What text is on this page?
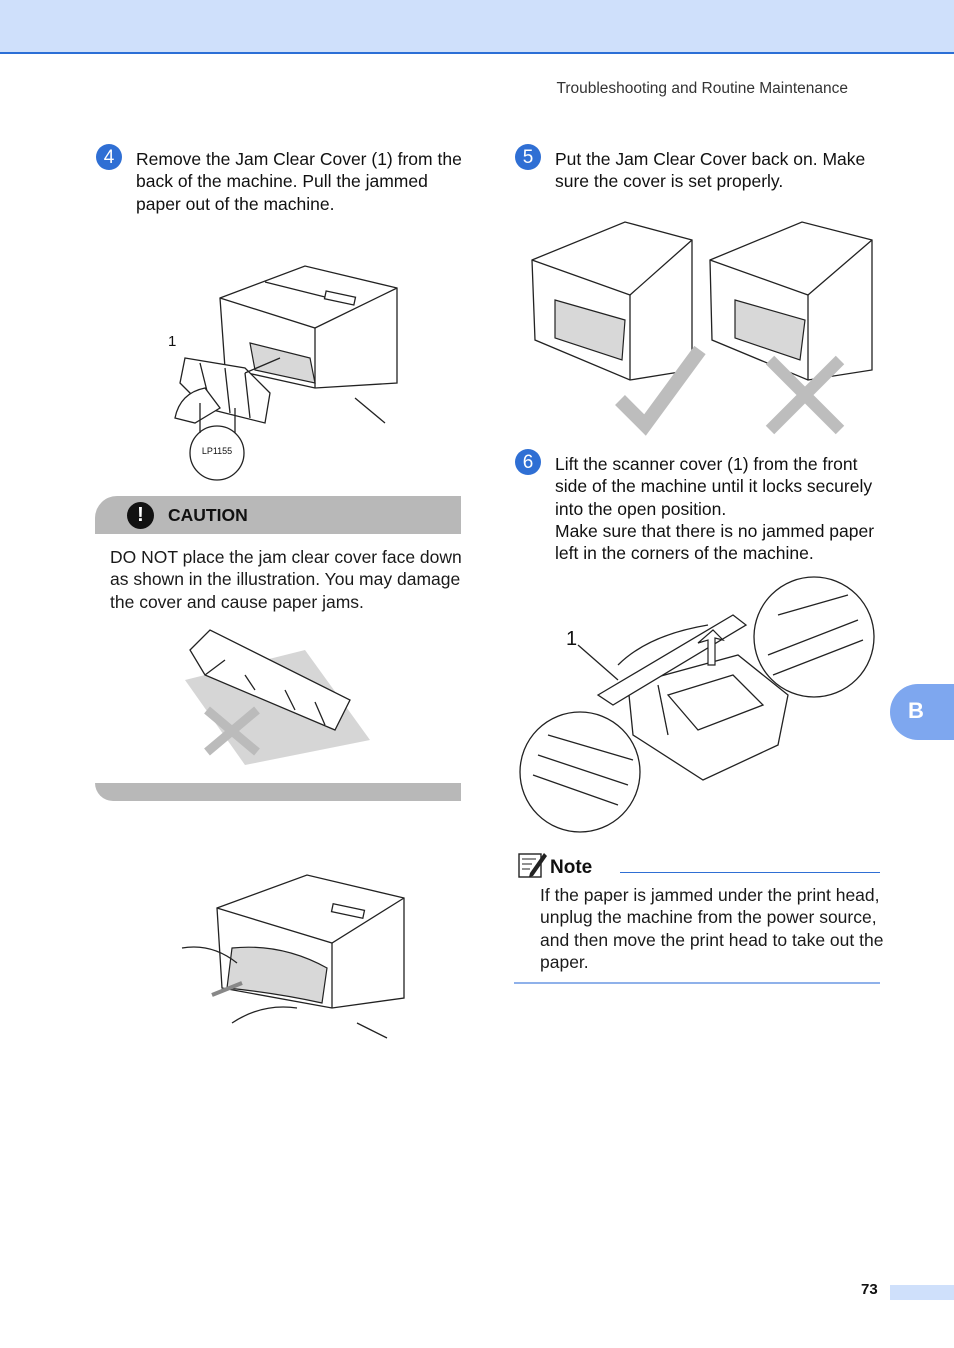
Troubleshooting and Routine Maintenance
4	Remove the Jam Clear Cover (1) from the back of the machine. Pull the jammed paper out of the machine.
LP1155
1
!	CAUTION
DO NOT place the jam clear cover face down as shown in the illustration. You may damage the cover and cause paper jams.
5	Put the Jam Clear Cover back on. Make sure the cover is set properly.
6	Lift the scanner cover (1) from the front side of the machine until it locks securely into the open position.
Make sure that there is no jammed paper left in the corners of the machine.
1
Note
If the paper is jammed under the print head, unplug the machine from the power source, and then move the print head to take out the paper.
B
73
